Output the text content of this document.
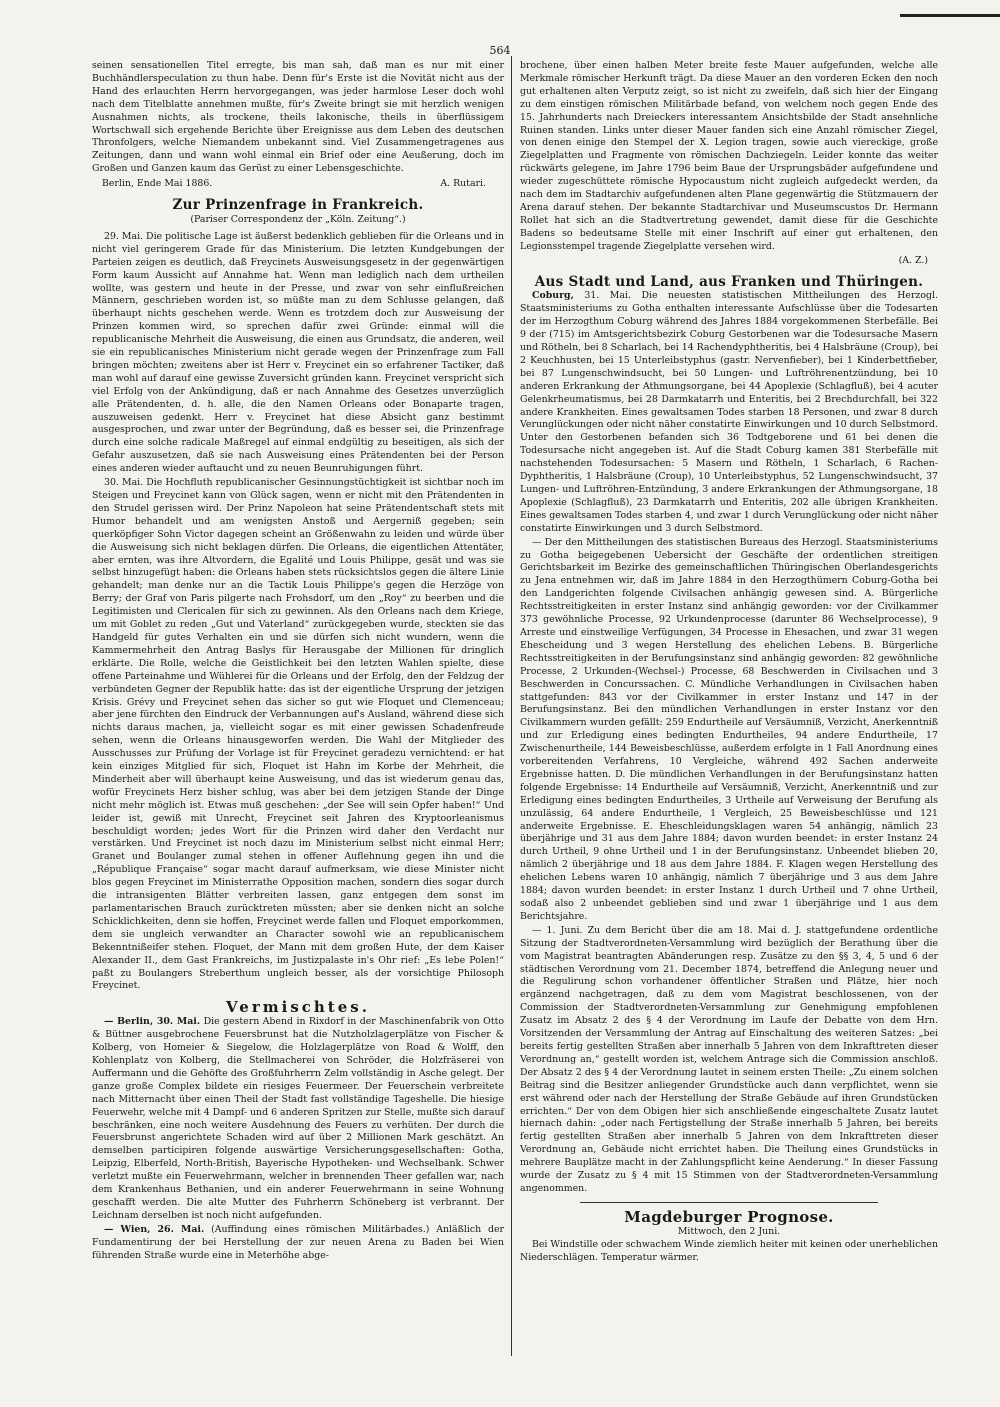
564

seinen sensationellen Titel erregte, bis man sah, daß man es nur mit einer Buchhändlerspeculation zu thun habe. Denn für's Erste ist die Novität nicht aus der Hand des erlauchten Herrn hervorgegangen, was jeder harmlose Leser doch wohl nach dem Titelblatte annehmen mußte, für's Zweite bringt sie mit herzlich wenigen Ausnahmen nichts, als trockene, theils lakonische, theils in überflüssigem Wortschwall sich ergehende Berichte über Ereignisse aus dem Leben des deutschen Thronfolgers, welche Niemandem unbekannt sind. Viel Zusammengetragenes aus Zeitungen, dann und wann wohl einmal ein Brief oder eine Aeußerung, doch im Großen und Ganzen kaum das Gerüst zu einer Lebensgeschichte.

Berlin, Ende Mai 1886.	A. Rutari.
Zur Prinzenfrage in Frankreich.
(Pariser Correspondenz der „Köln. Zeitung“.)

29. Mai. Die politische Lage ist äußerst bedenklich geblieben für die Orleans und in nicht viel geringerem Grade für das Ministerium. Die letzten Kundgebungen der Parteien zeigen es deutlich, daß Freycinets Ausweisungsgesetz in der gegenwärtigen Form kaum Aussicht auf Annahme hat. Wenn man lediglich nach dem urtheilen wollte, was gestern und heute in der Presse, und zwar von sehr einflußreichen Männern, geschrieben worden ist, so müßte man zu dem Schlusse gelangen, daß überhaupt nichts geschehen werde. Wenn es trotzdem doch zur Ausweisung der Prinzen kommen wird, so sprechen dafür zwei Gründe: einmal will die republicanische Mehrheit die Ausweisung, die einen aus Grundsatz, die anderen, weil sie ein republicanisches Ministerium nicht gerade wegen der Prinzenfrage zum Fall bringen möchten; zweitens aber ist Herr v. Freycinet ein so erfahrener Tactiker, daß man wohl auf darauf eine gewisse Zuversicht gründen kann. Freycinet verspricht sich viel Erfolg von der Ankündigung, daß er nach Annahme des Gesetzes unverzüglich alle Prätendenten, d. h. alle, die den Namen Orleans oder Bonaparte tragen, auszuweisen gedenkt. Herr v. Freycinet hat diese Absicht ganz bestimmt ausgesprochen, und zwar unter der Begründung, daß es besser sei, die Prinzenfrage durch eine solche radicale Maßregel auf einmal endgültig zu beseitigen, als sich der Gefahr auszusetzen, daß sie nach Ausweisung eines Prätendenten bei der Person eines anderen wieder auftaucht und zu neuen Beunruhigungen führt.

30. Mai. Die Hochfluth republicanischer Gesinnungstüchtigkeit ist sichtbar noch im Steigen und Freycinet kann von Glück sagen, wenn er nicht mit den Prätendenten in den Strudel gerissen wird. Der Prinz Napoleon hat seine Prätendentschaft stets mit Humor behandelt und am wenigsten Anstoß und Aergerniß gegeben; sein querköpfiger Sohn Victor dagegen scheint an Größenwahn zu leiden und würde über die Ausweisung sich nicht beklagen dürfen. Die Orleans, die eigentlichen Attentäter, aber ernten, was ihre Altvordern, die Egalité und Louis Philippe, gesät und was sie selbst hinzugefügt haben: die Orleans haben stets rücksichtslos gegen die ältere Linie gehandelt; man denke nur an die Tactik Louis Philippe's gegen die Herzöge von Berry; der Graf von Paris pilgerte nach Frohsdorf, um den „Roy“ zu beerben und die Legitimisten und Clericalen für sich zu gewinnen. Als den Orleans nach dem Kriege, um mit Goblet zu reden „Gut und Vaterland“ zurückgegeben wurde, steckten sie das Handgeld für gutes Verhalten ein und sie dürfen sich nicht wundern, wenn die Kammermehrheit den Antrag Baslys für Herausgabe der Millionen für dringlich erklärte. Die Rolle, welche die Geistlichkeit bei den letzten Wahlen spielte, diese offene Parteinahme und Wühlerei für die Orleans und der Erfolg, den der Feldzug der verbündeten Gegner der Republik hatte: das ist der eigentliche Ursprung der jetzigen Krisis. Grévy und Freycinet sehen das sicher so gut wie Floquet und Clemenceau; aber jene fürchten den Eindruck der Verbannungen auf's Ausland, während diese sich nichts daraus machen, ja, vielleicht sogar es mit einer gewissen Schadenfreude sehen, wenn die Orleans hinausgeworfen werden. Die Wahl der Mitglieder des Ausschusses zur Prüfung der Vorlage ist für Freycinet geradezu vernichtend: er hat kein einziges Mitglied für sich, Floquet ist Hahn im Korbe der Mehrheit, die Minderheit aber will überhaupt keine Ausweisung, und das ist wiederum genau das, wofür Freycinets Herz bisher schlug, was aber bei dem jetzigen Stande der Dinge nicht mehr möglich ist. Etwas muß geschehen: „der See will sein Opfer haben!“ Und leider ist, gewiß mit Unrecht, Freycinet seit Jahren des Kryptoorleanismus beschuldigt worden; jedes Wort für die Prinzen wird daher den Verdacht nur verstärken. Und Freycinet ist noch dazu im Ministerium selbst nicht einmal Herr; Granet und Boulanger zumal stehen in offener Auflehnung gegen ihn und die „République Française“ sogar macht darauf aufmerksam, wie diese Minister nicht blos gegen Freycinet im Ministerrathe Opposition machen, sondern dies sogar durch die intransigenten Blätter verbreiten lassen, ganz entgegen dem sonst im parlamentarischen Brauch zurücktreten müssten; aber sie denken nicht an solche Schicklichkeiten, denn sie hoffen, Freycinet werde fallen und Floquet emporkommen, dem sie ungleich verwandter an Character sowohl wie an republicanischem Bekenntnißeifer stehen. Floquet, der Mann mit dem großen Hute, der dem Kaiser Alexander II., dem Gast Frankreichs, im Justizpalaste in's Ohr rief: „Es lebe Polen!“ paßt zu Boulangers Streberthum ungleich besser, als der vorsichtige Philosoph Freycinet.

Vermischtes.

— Berlin, 30. Mai. Die gestern Abend in Rixdorf in der Maschinenfabrik von Otto & Büttner ausgebrochene Feuersbrunst hat die Nutzholzlagerplätze von Fischer & Kolberg, von Homeier & Siegelow, die Holzlagerplätze von Road & Wolff, den Kohlenplatz von Kolberg, die Stellmacherei von Schröder, die Holzfräserei von Auffermann und die Gehöfte des Großfuhrherrn Zelm vollständig in Asche gelegt. Der ganze große Complex bildete ein riesiges Feuermeer. Der Feuerschein verbreitete nach Mitternacht über einen Theil der Stadt fast vollständige Tageshelle. Die hiesige Feuerwehr, welche mit 4 Dampf- und 6 anderen Spritzen zur Stelle, mußte sich darauf beschränken, eine noch weitere Ausdehnung des Feuers zu verhüten. Der durch die Feuersbrunst angerichtete Schaden wird auf über 2 Millionen Mark geschätzt. An demselben participiren folgende auswärtige Versicherungsgesellschaften: Gotha, Leipzig, Elberfeld, North-British, Bayerische Hypotheken- und Wechselbank. Schwer verletzt mußte ein Feuerwehrmann, welcher in brennenden Theer gefallen war, nach dem Krankenhaus Bethanien, und ein anderer Feuerwehrmann in seine Wohnung geschafft werden. Die alte Mutter des Fuhrherrn Schöneberg ist verbrannt. Der Leichnam derselben ist noch nicht aufgefunden.

— Wien, 26. Mai. (Auffindung eines römischen Militärbades.) Anläßlich der Fundamentirung der bei Herstellung der zur neuen Arena zu Baden bei Wien führenden Straße wurde eine in Meterhöhe abge-

brochene, über einen halben Meter breite feste Mauer aufgefunden, welche alle Merkmale römischer Herkunft trägt. Da diese Mauer an den vorderen Ecken den noch gut erhaltenen alten Verputz zeigt, so ist nicht zu zweifeln, daß sich hier der Eingang zu dem einstigen römischen Militärbade befand, von welchem noch gegen Ende des 15. Jahrhunderts nach Dreieckers interessantem Ansichtsbilde der Stadt ansehnliche Ruinen standen. Links unter dieser Mauer fanden sich eine Anzahl römischer Ziegel, von denen einige den Stempel der X. Legion tragen, sowie auch viereckige, große Ziegelplatten und Fragmente von römischen Dachziegeln. Leider konnte das weiter rückwärts gelegene, im Jahre 1796 beim Baue der Ursprungsbäder aufgefundene und wieder zugeschüttete römische Hypocaustum nicht zugleich aufgedeckt werden, da nach dem im Stadtarchiv aufgefundenen alten Plane gegenwärtig die Stützmauern der Arena darauf stehen. Der bekannte Stadtarchivar und Museumscustos Dr. Hermann Rollet hat sich an die Stadtvertretung gewendet, damit diese für die Geschichte Badens so bedeutsame Stelle mit einer Inschrift auf einer gut erhaltenen, den Legionsstempel tragende Ziegelplatte versehen wird.

(A. Z.)
Aus Stadt und Land, aus Franken und Thüringen.

Coburg, 31. Mai. Die neuesten statistischen Mittheilungen des Herzogl. Staatsministeriums zu Gotha enthalten interessante Aufschlüsse über die Todesarten der im Herzogthum Coburg während des Jahres 1884 vorgekommenen Sterbefälle. Bei 9 der (715) im Amtsgerichtsbezirk Coburg Gestorbenen war die Todesursache Masern und Rötheln, bei 8 Scharlach, bei 14 Rachendyphtheritis, bei 4 Halsbräune (Croup), bei 2 Keuchhusten, bei 15 Unterleibstyphus (gastr. Nervenfieber), bei 1 Kinderbettfieber, bei 87 Lungenschwindsucht, bei 50 Lungen- und Luftröhrenentzündung, bei 10 anderen Erkrankung der Athmungsorgane, bei 44 Apoplexie (Schlagfluß), bei 4 acuter Gelenkrheumatismus, bei 28 Darmkatarrh und Enteritis, bei 2 Brechdurchfall, bei 322 andere Krankheiten. Eines gewaltsamen Todes starben 18 Personen, und zwar 8 durch Verunglückungen oder nicht näher constatirte Einwirkungen und 10 durch Selbstmord. Unter den Gestorbenen befanden sich 36 Todtgeborene und 61 bei denen die Todesursache nicht angegeben ist. Auf die Stadt Coburg kamen 381 Sterbefälle mit nachstehenden Todesursachen: 5 Masern und Rötheln, 1 Scharlach, 6 Rachen-Dyphtheritis, 1 Halsbräune (Croup), 10 Unterleibstyphus, 52 Lungenschwindsucht, 37 Lungen- und Luftröhren-Entzündung, 3 andere Erkrankungen der Athmungsorgane, 18 Apoplexie (Schlagfluß), 23 Darmkatarrh und Enteritis, 202 alle übrigen Krankheiten. Eines gewaltsamen Todes starben 4, und zwar 1 durch Verunglückung oder nicht näher constatirte Einwirkungen und 3 durch Selbstmord.

— Der den Mittheilungen des statistischen Bureaus des Herzogl. Staatsministeriums zu Gotha beigegebenen Uebersicht der Geschäfte der ordentlichen streitigen Gerichtsbarkeit im Bezirke des gemeinschaftlichen Thüringischen Oberlandesgerichts zu Jena entnehmen wir, daß im Jahre 1884 in den Herzogthümern Coburg-Gotha bei den Landgerichten folgende Civilsachen anhängig gewesen sind. A. Bürgerliche Rechtsstreitigkeiten in erster Instanz sind anhängig geworden: vor der Civilkammer 373 gewöhnliche Processe, 92 Urkundenprocesse (darunter 86 Wechselprocesse), 9 Arreste und einstweilige Verfügungen, 34 Processe in Ehesachen, und zwar 31 wegen Ehescheidung und 3 wegen Herstellung des ehelichen Lebens. B. Bürgerliche Rechtsstreitigkeiten in der Berufungsinstanz sind anhängig geworden: 82 gewöhnliche Processe, 2 Urkunden-(Wechsel-) Processe, 68 Beschwerden in Civilsachen und 3 Beschwerden in Concurssachen. C. Mündliche Verhandlungen in Civilsachen haben stattgefunden: 843 vor der Civilkammer in erster Instanz und 147 in der Berufungsinstanz. Bei den mündlichen Verhandlungen in erster Instanz vor den Civilkammern wurden gefällt: 259 Endurtheile auf Versäumniß, Verzicht, Anerkenntniß und zur Erledigung eines bedingten Endurtheiles, 94 andere Endurtheile, 17 Zwischenurtheile, 144 Beweisbeschlüsse, außerdem erfolgte in 1 Fall Anordnung eines vorbereitenden Verfahrens, 10 Vergleiche, während 492 Sachen anderweite Ergebnisse hatten. D. Die mündlichen Verhandlungen in der Berufungsinstanz hatten folgende Ergebnisse: 14 Endurtheile auf Versäumniß, Verzicht, Anerkenntniß und zur Erledigung eines bedingten Endurtheiles, 3 Urtheile auf Verweisung der Berufung als unzulässig, 64 andere Endurtheile, 1 Vergleich, 25 Beweisbeschlüsse und 121 anderweite Ergebnisse. E. Eheschleidungsklagen waren 54 anhängig, nämlich 23 überjährige und 31 aus dem Jahre 1884; davon wurden beendet: in erster Instanz 24 durch Urtheil, 9 ohne Urtheil und 1 in der Berufungsinstanz. Unbeendet blieben 20, nämlich 2 überjährige und 18 aus dem Jahre 1884. F. Klagen wegen Herstellung des ehelichen Lebens waren 10 anhängig, nämlich 7 überjährige und 3 aus dem Jahre 1884; davon wurden beendet: in erster Instanz 1 durch Urtheil und 7 ohne Urtheil, sodaß also 2 unbeendet geblieben sind und zwar 1 überjährige und 1 aus dem Berichtsjahre.

— 1. Juni. Zu dem Bericht über die am 18. Mai d. J. stattgefundene ordentliche Sitzung der Stadtverordneten-Versammlung wird bezüglich der Berathung über die vom Magistrat beantragten Abänderungen resp. Zusätze zu den §§ 3, 4, 5 und 6 der städtischen Verordnung vom 21. December 1874, betreffend die Anlegung neuer und die Regulirung schon vorhandener öffentlicher Straßen und Plätze, hier noch ergänzend nachgetragen, daß zu dem vom Magistrat beschlossenen, von der Commission der Stadtverordneten-Versammlung zur Genehmigung empfohlenen Zusatz im Absatz 2 des § 4 der Verordnung im Laufe der Debatte von dem Hrn. Vorsitzenden der Versammlung der Antrag auf Einschaltung des weiteren Satzes: „bei bereits fertig gestellten Straßen aber innerhalb 5 Jahren von dem Inkrafttreten dieser Verordnung an,“ gestellt worden ist, welchem Antrage sich die Commission anschloß. Der Absatz 2 des § 4 der Verordnung lautet in seinem ersten Theile: „Zu einem solchen Beitrag sind die Besitzer anliegender Grundstücke auch dann verpflichtet, wenn sie erst während oder nach der Herstellung der Straße Gebäude auf ihren Grundstücken errichten.“ Der von dem Obigen hier sich anschließende eingeschaltete Zusatz lautet hiernach dahin: „oder nach Fertigstellung der Straße innerhalb 5 Jahren, bei bereits fertig gestellten Straßen aber innerhalb 5 Jahren von dem Inkrafttreten dieser Verordnung an, Gebäude nicht errichtet haben. Die Theilung eines Grundstücks in mehrere Bauplätze macht in der Zahlungspflicht keine Aenderung.“ In dieser Fassung wurde der Zusatz zu § 4 mit 15 Stimmen von der Stadtverordneten-Versammlung angenommen.

Magdeburger Prognose.
Mittwoch, den 2 Juni.

Bei Windstille oder schwachem Winde ziemlich heiter mit keinen oder unerheblichen Niederschlägen. Temperatur wärmer.
